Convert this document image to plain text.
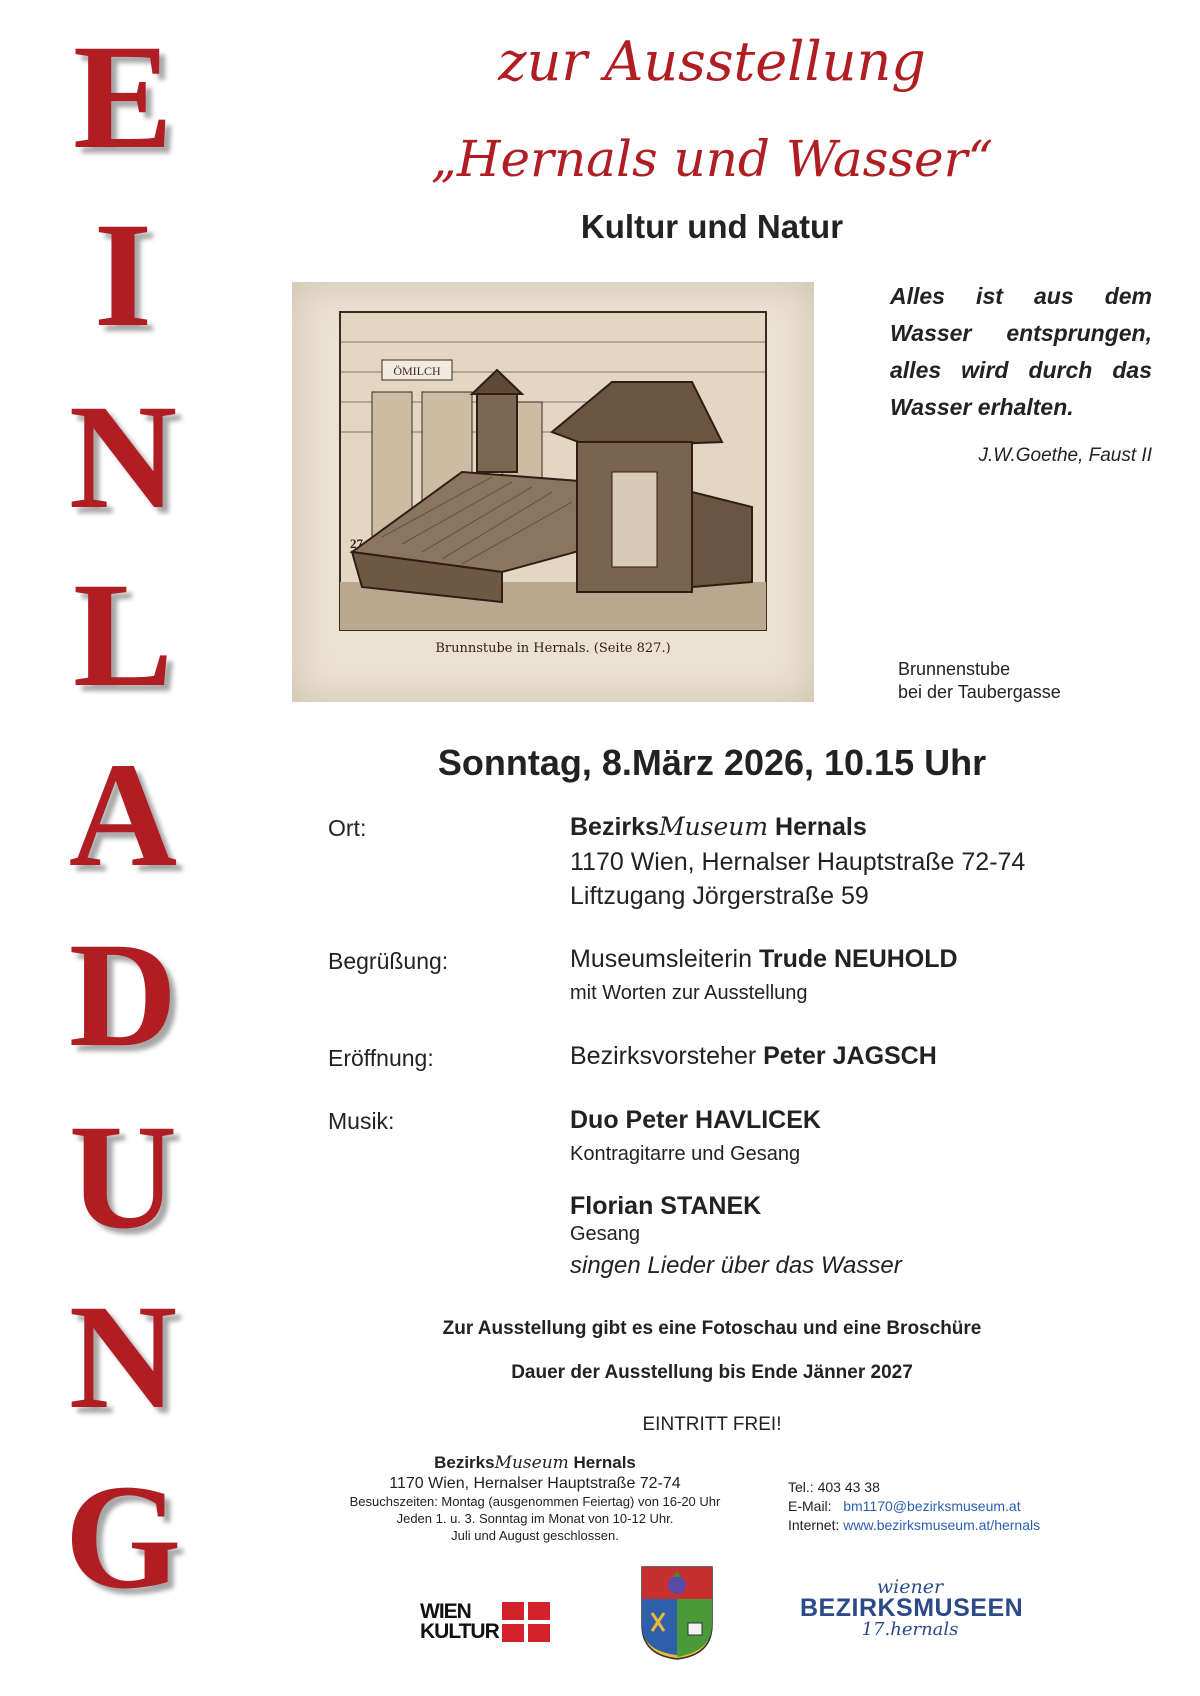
E
I
N
L
A
D
U
N
G
zur Ausstellung
„Hernals und Wasser“
Kultur und Natur
ÖMILCH
27
Brunnstube in Hernals. (Seite 827.)
Alles ist aus dem Wasser entsprungen, alles wird durch das Wasser erhalten.
J.W.Goethe, Faust II
Brunnenstube
bei der Taubergasse
Sonntag, 8.März 2026, 10.15 Uhr
Ort:	BezirksMuseum Hernals
1170 Wien, Hernalser Hauptstraße 72-74
Liftzugang Jörgerstraße 59
Begrüßung:	Museumsleiterin Trude NEUHOLD
mit Worten zur Ausstellung
Eröffnung:	Bezirksvorsteher Peter JAGSCH
Musik:	Duo Peter HAVLICEK
Kontragitarre und Gesang
Florian STANEK
Gesang
singen Lieder über das Wasser
Zur Ausstellung gibt es eine Fotoschau und eine Broschüre
Dauer der Ausstellung bis Ende Jänner 2027
EINTRITT FREI!
BezirksMuseum Hernals
1170 Wien, Hernalser Hauptstraße 72-74
Besuchszeiten: Montag (ausgenommen Feiertag) von 16-20 Uhr
Jeden 1. u. 3. Sonntag im Monat von 10-12 Uhr.
Juli und August geschlossen.
Tel.: 403 43 38
E-Mail: bm1170@bezirksmuseum.at
Internet: www.bezirksmuseum.at/hernals
WIEN
KULTUR
wiener
BEZIRKSMUSEEN
17.hernals
